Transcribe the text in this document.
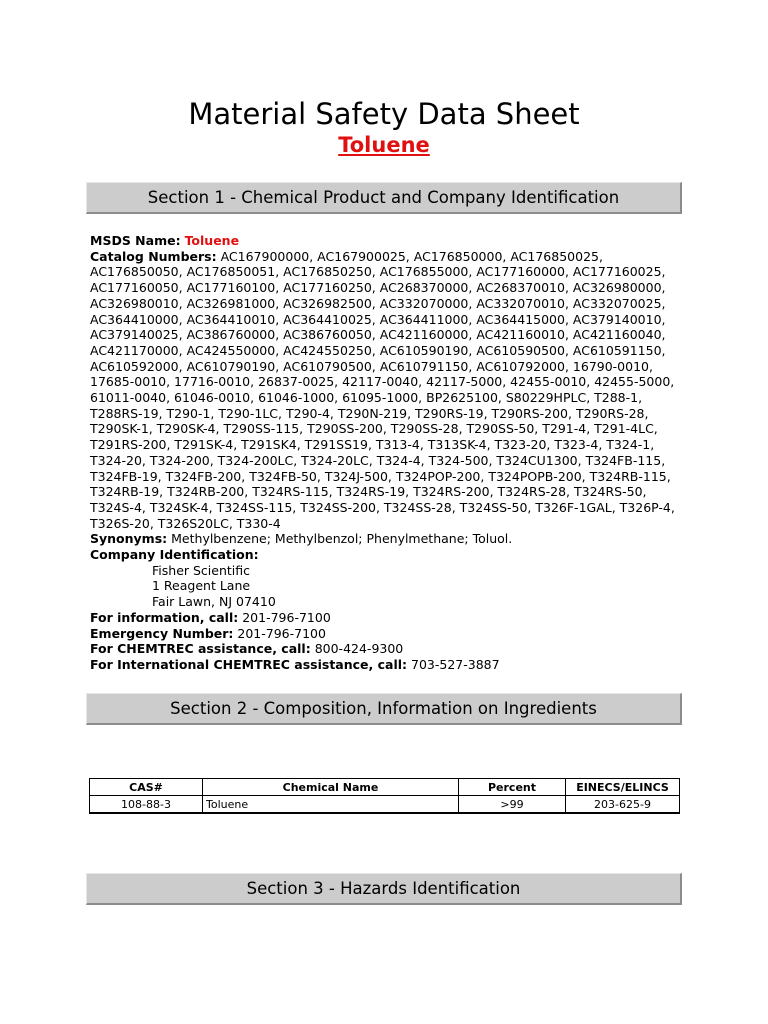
Material Safety Data Sheet
Toluene
Section 1 - Chemical Product and Company Identification
MSDS Name: Toluene
Catalog Numbers: AC167900000, AC167900025, AC176850000, AC176850025, AC176850050, AC176850051, AC176850250, AC176855000, AC177160000, AC177160025, AC177160050, AC177160100, AC177160250, AC268370000, AC268370010, AC326980000, AC326980010, AC326981000, AC326982500, AC332070000, AC332070010, AC332070025, AC364410000, AC364410010, AC364410025, AC364411000, AC364415000, AC379140010, AC379140025, AC386760000, AC386760050, AC421160000, AC421160010, AC421160040, AC421170000, AC424550000, AC424550250, AC610590190, AC610590500, AC610591150, AC610592000, AC610790190, AC610790500, AC610791150, AC610792000, 16790-0010, 17685-0010, 17716-0010, 26837-0025, 42117-0040, 42117-5000, 42455-0010, 42455-5000, 61011-0040, 61046-0010, 61046-1000, 61095-1000, BP2625100, S80229HPLC, T288-1, T288RS-19, T290-1, T290-1LC, T290-4, T290N-219, T290RS-19, T290RS-200, T290RS-28, T290SK-1, T290SK-4, T290SS-115, T290SS-200, T290SS-28, T290SS-50, T291-4, T291-4LC, T291RS-200, T291SK-4, T291SK4, T291SS19, T313-4, T313SK-4, T323-20, T323-4, T324-1, T324-20, T324-200, T324-200LC, T324-20LC, T324-4, T324-500, T324CU1300, T324FB-115, T324FB-19, T324FB-200, T324FB-50, T324J-500, T324POP-200, T324POPB-200, T324RB-115, T324RB-19, T324RB-200, T324RS-115, T324RS-19, T324RS-200, T324RS-28, T324RS-50, T324S-4, T324SK-4, T324SS-115, T324SS-200, T324SS-28, T324SS-50, T326F-1GAL, T326P-4, T326S-20, T326S20LC, T330-4
Synonyms: Methylbenzene; Methylbenzol; Phenylmethane; Toluol.
Company Identification:
Fisher Scientific
1 Reagent Lane
Fair Lawn, NJ 07410
For information, call: 201-796-7100
Emergency Number: 201-796-7100
For CHEMTREC assistance, call: 800-424-9300
For International CHEMTREC assistance, call: 703-527-3887
Section 2 - Composition, Information on Ingredients
CAS#	Chemical Name	Percent	EINECS/ELINCS
108-88-3	Toluene	>99	203-625-9
Section 3 - Hazards Identification
